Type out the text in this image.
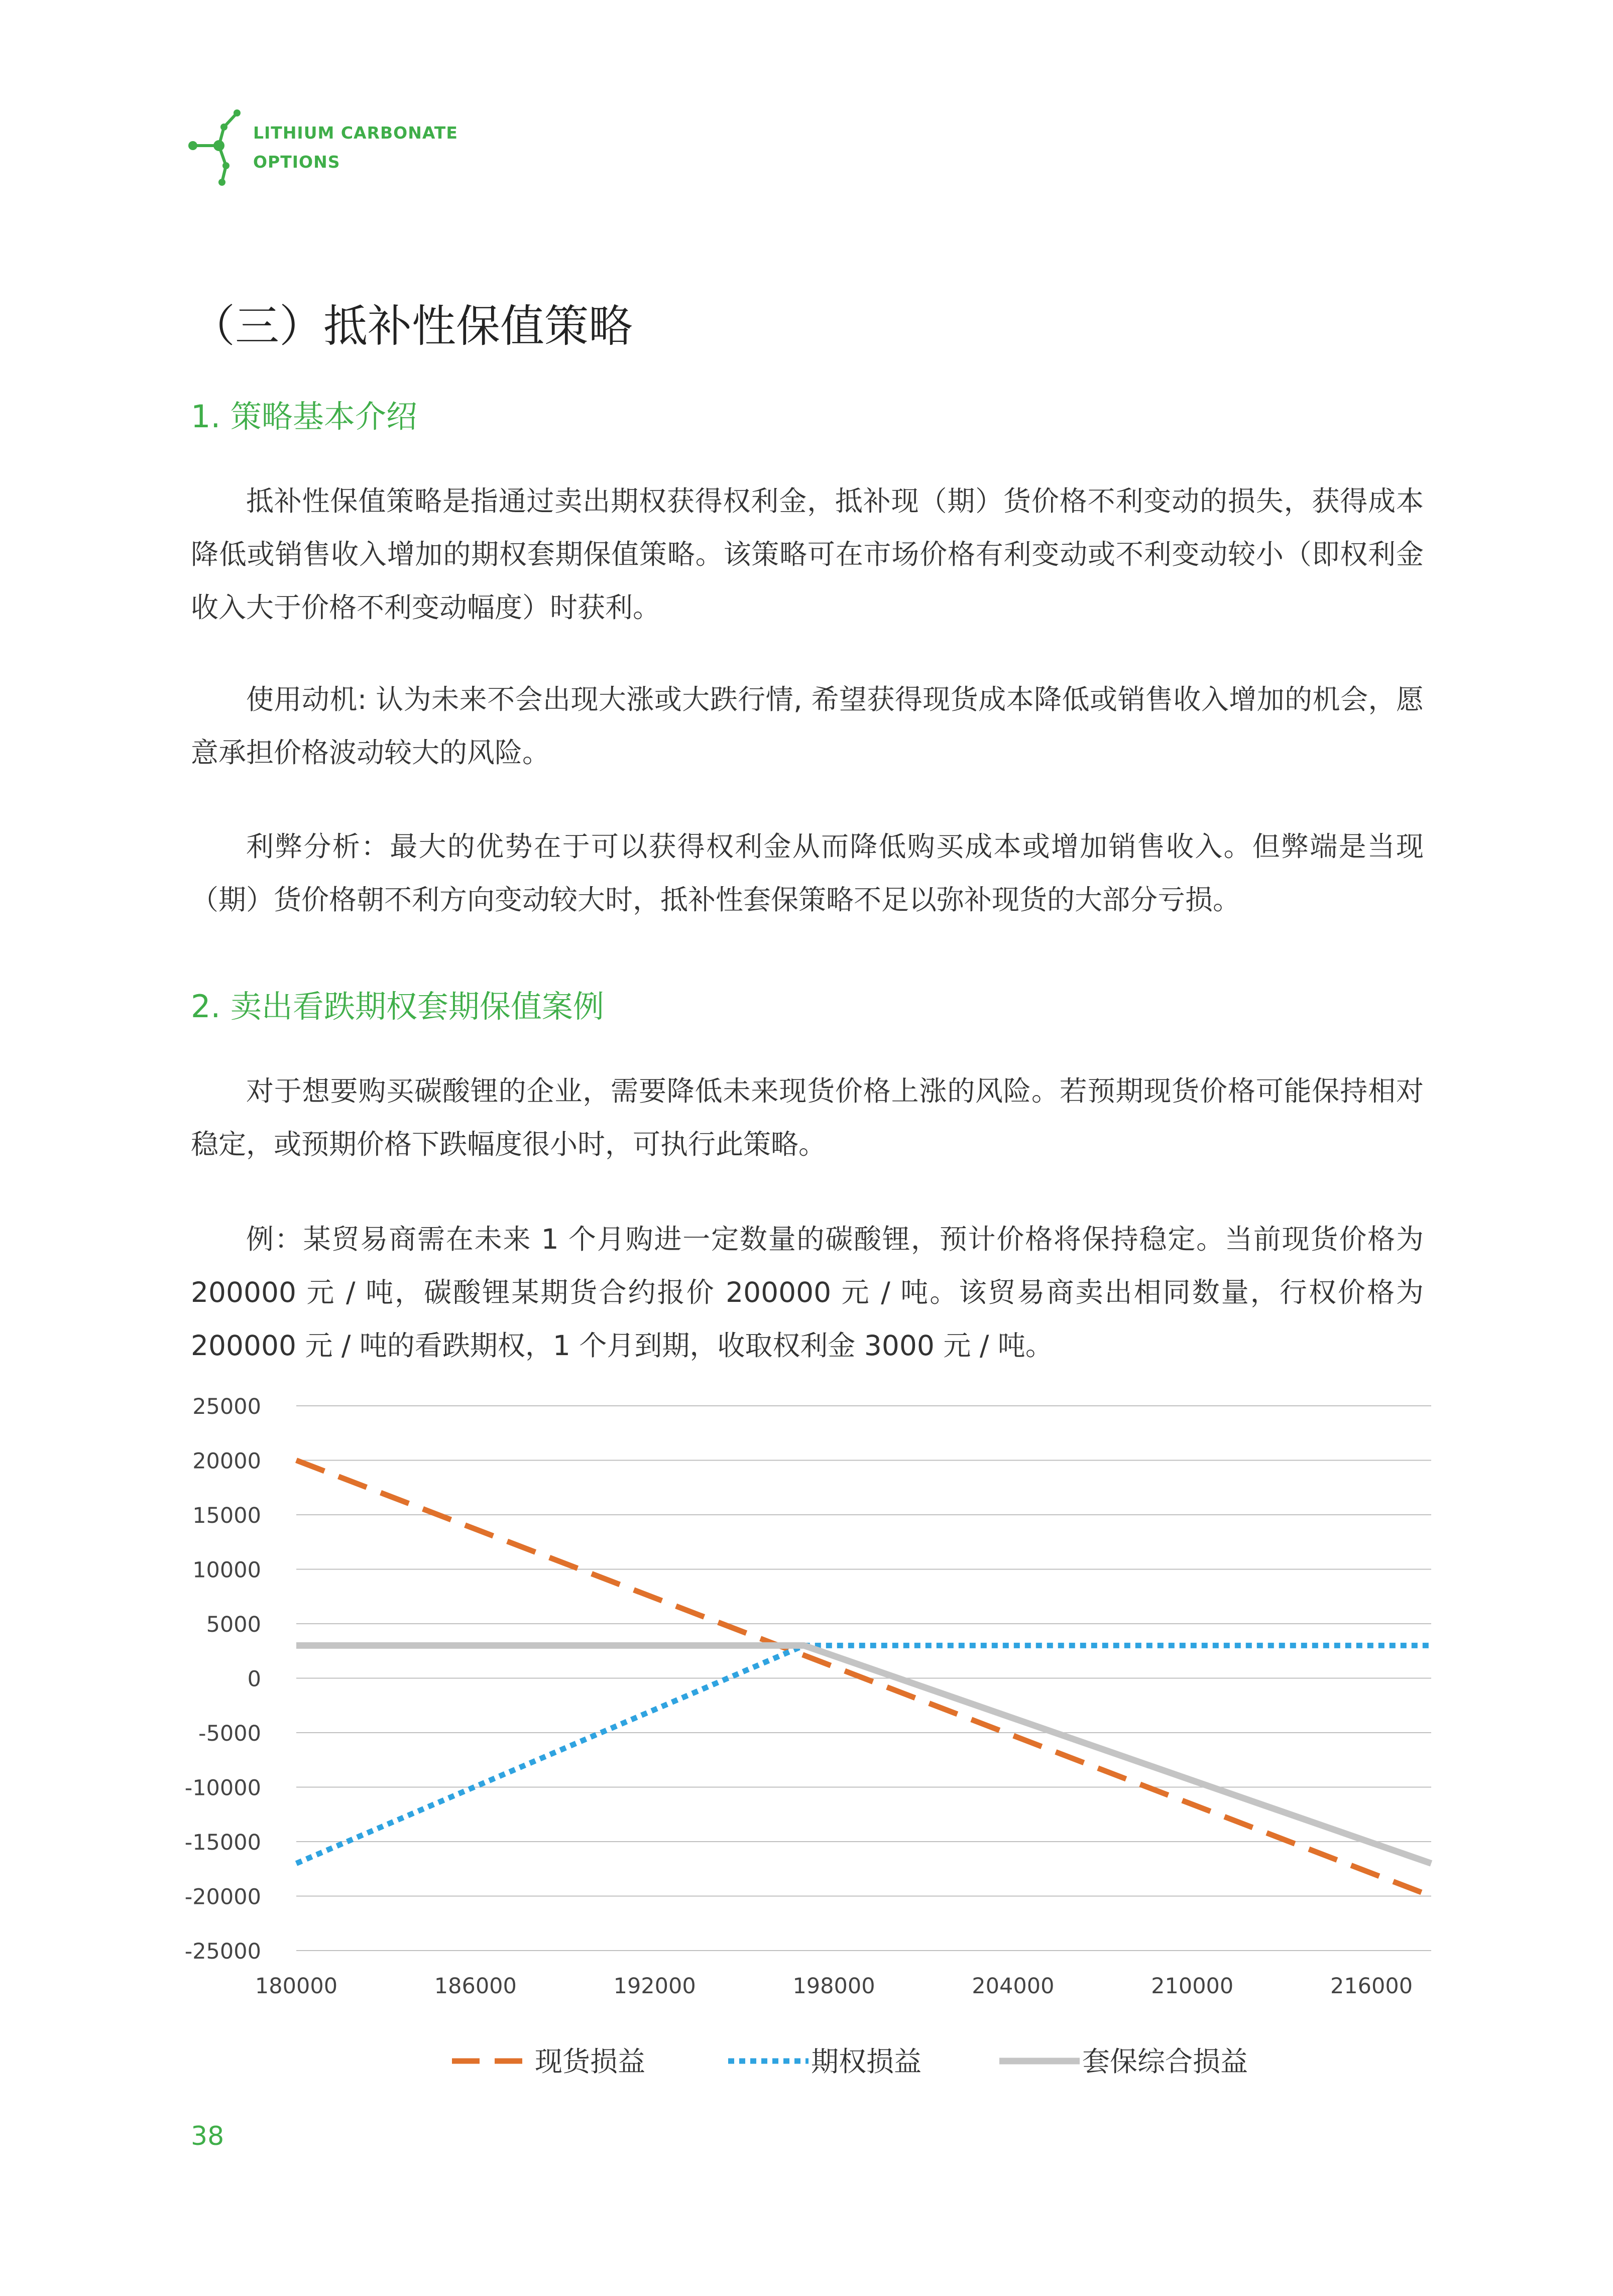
LITHIUM CARBONATE
OPTIONS
（三）抵补性保值策略
1. 策略基本介绍

抵补性保值策略是指通过卖出期权获得权利金，抵补现（期）货价格不利变动的损失，获得成本降低或销售收入增加的期权套期保值策略。该策略可在市场价格有利变动或不利变动较小（即权利金收入大于价格不利变动幅度）时获利。

使用动机: 认为未来不会出现大涨或大跌行情, 希望获得现货成本降低或销售收入增加的机会，愿意承担价格波动较大的风险。

利弊分析：最大的优势在于可以获得权利金从而降低购买成本或增加销售收入。但弊端是当现（期）货价格朝不利方向变动较大时，抵补性套保策略不足以弥补现货的大部分亏损。

2. 卖出看跌期权套期保值案例

对于想要购买碳酸锂的企业，需要降低未来现货价格上涨的风险。若预期现货价格可能保持相对稳定，或预期价格下跌幅度很小时，可执行此策略。

例：某贸易商需在未来 1 个月购进一定数量的碳酸锂，预计价格将保持稳定。当前现货价格为 200000 元 / 吨，碳酸锂某期货合约报价 200000 元 / 吨。该贸易商卖出相同数量，行权价格为 200000 元 / 吨的看跌期权，1 个月到期，收取权利金 3000 元 / 吨。

25000
20000
15000
10000
5000
0
-5000
-10000
-15000
-20000
-25000
180000	186000	192000	198000	204000	210000	216000
现货损益	期权损益	套保综合损益
38
